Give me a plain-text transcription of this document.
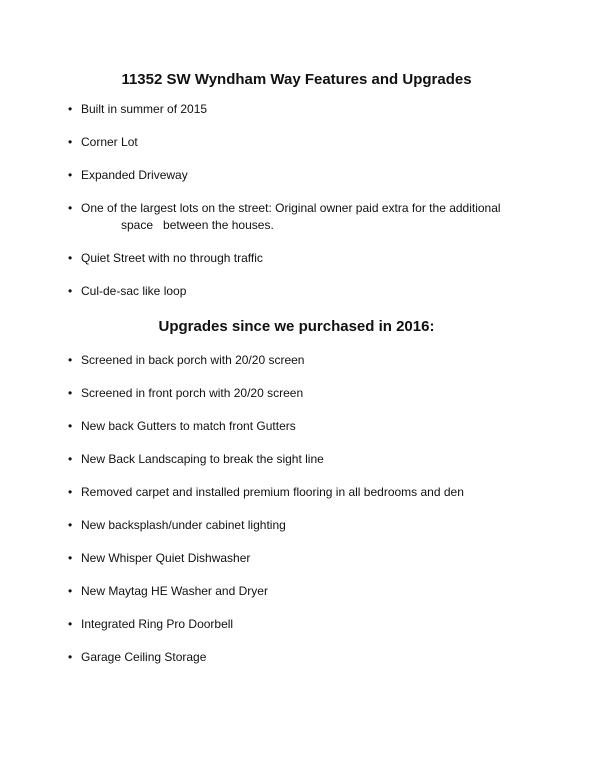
11352 SW Wyndham Way Features and Upgrades
• Built in summer of 2015
• Corner Lot
• Expanded Driveway
• One of the largest lots on the street: Original owner paid extra for the additional
space   between the houses.
• Quiet Street with no through traffic
• Cul-de-sac like loop
Upgrades since we purchased in 2016:
• Screened in back porch with 20/20 screen
• Screened in front porch with 20/20 screen
• New back Gutters to match front Gutters
• New Back Landscaping to break the sight line
• Removed carpet and installed premium flooring in all bedrooms and den
• New backsplash/under cabinet lighting
• New Whisper Quiet Dishwasher
• New Maytag HE Washer and Dryer
• Integrated Ring Pro Doorbell
• Garage Ceiling Storage
